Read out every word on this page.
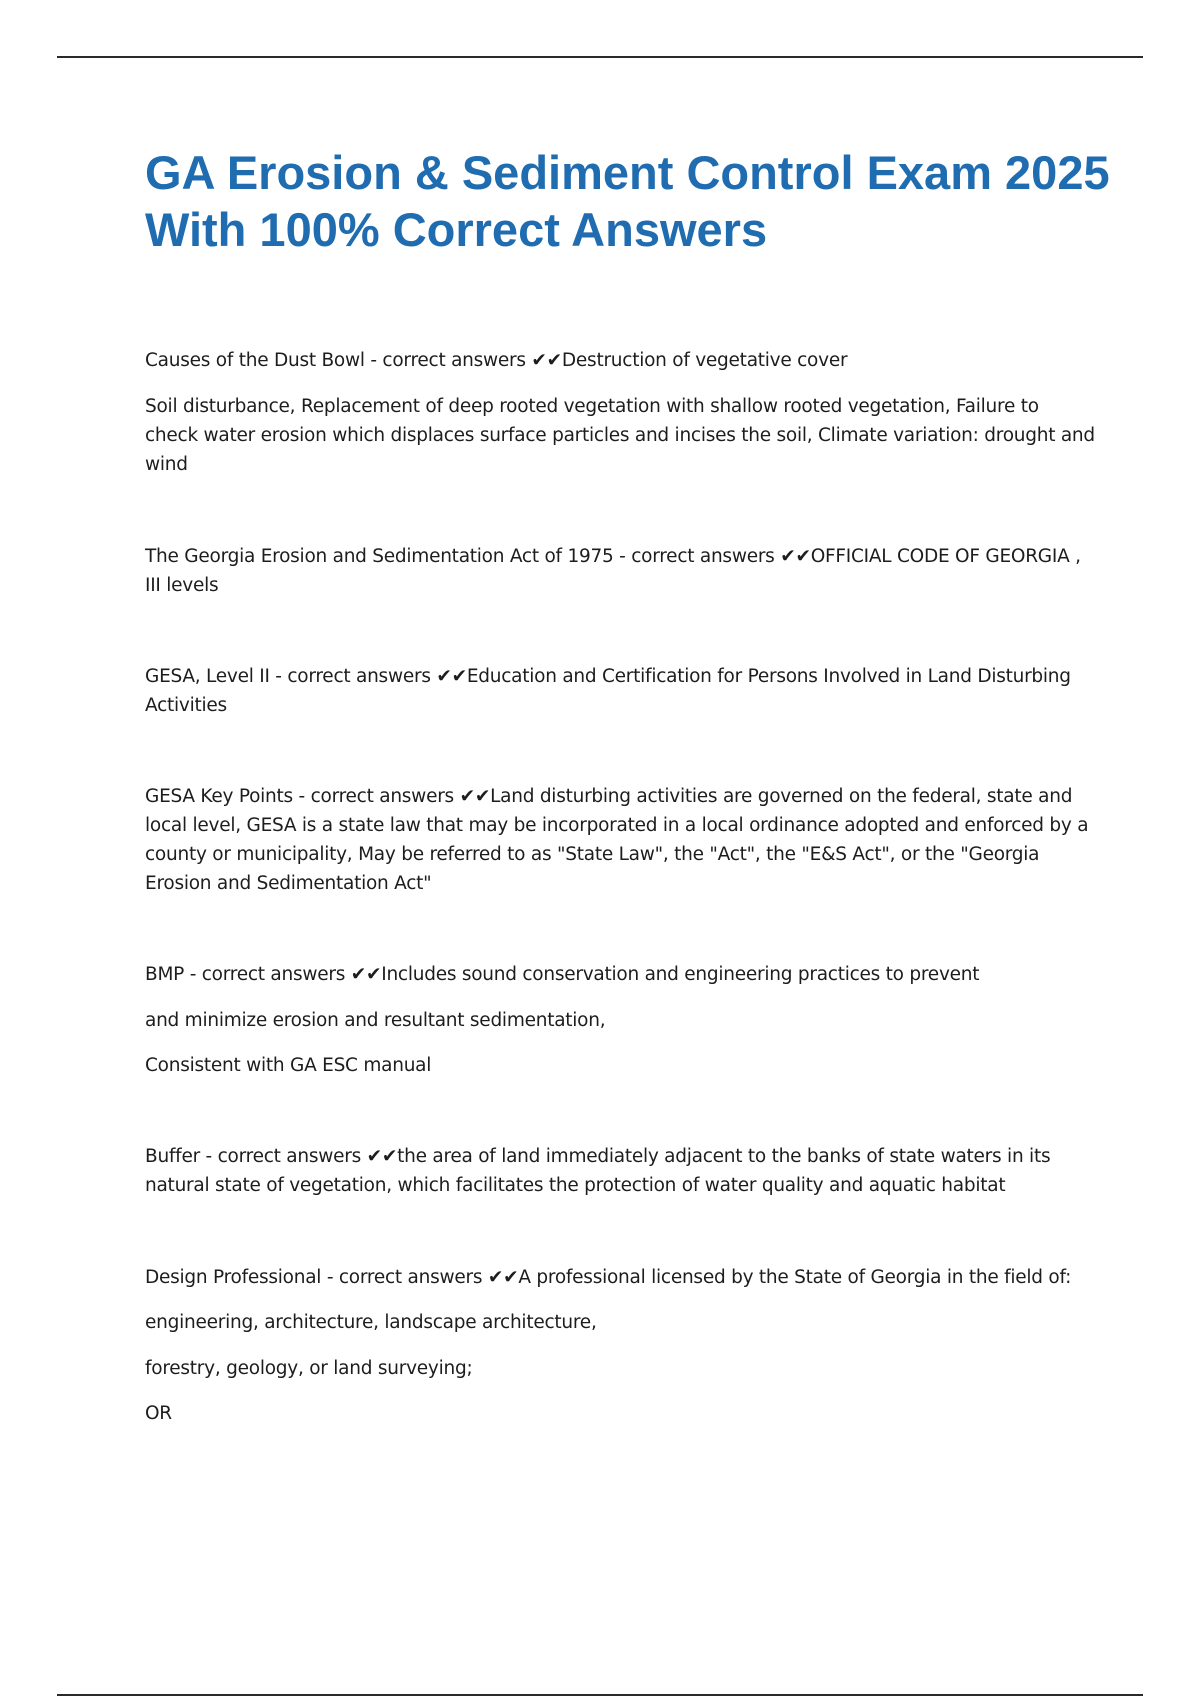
GA Erosion & Sediment Control Exam 2025 With 100% Correct Answers

Causes of the Dust Bowl - correct answers ✔✔Destruction of vegetative cover

Soil disturbance, Replacement of deep rooted vegetation with shallow rooted vegetation, Failure to check water erosion which displaces surface particles and incises the soil, Climate variation: drought and wind

The Georgia Erosion and Sedimentation Act of 1975 - correct answers ✔✔OFFICIAL CODE OF GEORGIA , III levels

GESA, Level II - correct answers ✔✔Education and Certification for Persons Involved in Land Disturbing Activities

GESA Key Points - correct answers ✔✔Land disturbing activities are governed on the federal, state and local level, GESA is a state law that may be incorporated in a local ordinance adopted and enforced by a county or municipality, May be referred to as "State Law", the "Act", the "E&S Act", or the "Georgia Erosion and Sedimentation Act"

BMP - correct answers ✔✔Includes sound conservation and engineering practices to prevent

and minimize erosion and resultant sedimentation,

Consistent with GA ESC manual

Buffer - correct answers ✔✔the area of land immediately adjacent to the banks of state waters in its natural state of vegetation, which facilitates the protection of water quality and aquatic habitat

Design Professional - correct answers ✔✔A professional licensed by the State of Georgia in the field of:

engineering, architecture, landscape architecture,

forestry, geology, or land surveying;

OR
